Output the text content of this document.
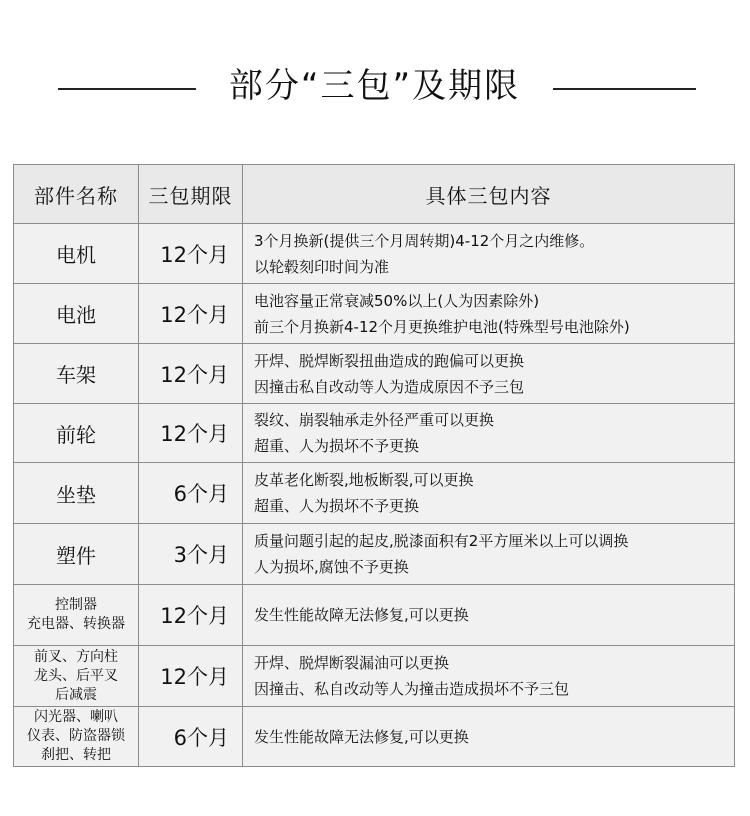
部分“三包”及期限
部件名称	三包期限	具体三包内容

电机	12个月	3个月换新(提供三个月周转期)4-12个月之内维修。
以轮毂刻印时间为准

电池	12个月	电池容量正常衰减50%以上(人为因素除外)
前三个月换新4-12个月更换维护电池(特殊型号电池除外)

车架	12个月	开焊、脱焊断裂扭曲造成的跑偏可以更换
因撞击私自改动等人为造成原因不予三包

前轮	12个月	裂纹、崩裂轴承走外径严重可以更换
超重、人为损坏不予更换

坐垫	6个月	皮革老化断裂,地板断裂,可以更换
超重、人为损坏不予更换

塑件	3个月	质量问题引起的起皮,脱漆面积有2平方厘米以上可以调换
人为损坏,腐蚀不予更换

控制器
充电器、转换器	12个月	发生性能故障无法修复,可以更换

前叉、方向柱
龙头、后平叉
后减震	12个月	开焊、脱焊断裂漏油可以更换
因撞击、私自改动等人为撞击造成损坏不予三包

闪光器、喇叭
仪表、防盗器锁
刹把、转把	6个月	发生性能故障无法修复,可以更换
